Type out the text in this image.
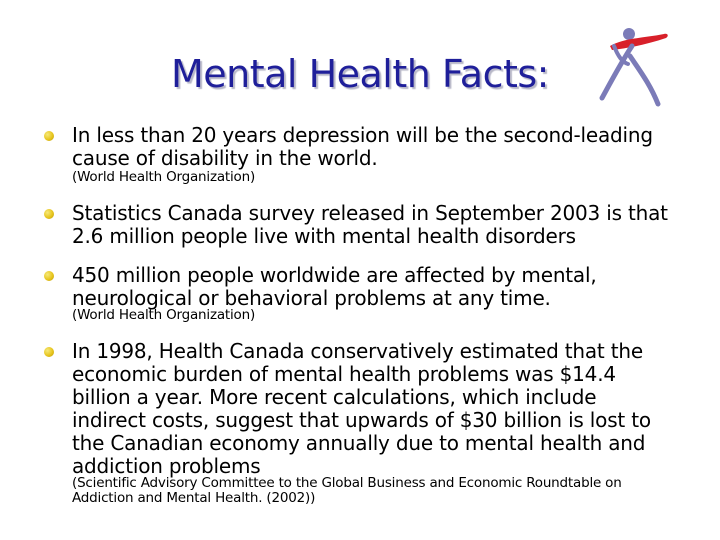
Mental Health Facts:
In less than 20 years depression will be the second-leading cause of disability in the world.
(World Health Organization)
Statistics Canada survey released in September 2003 is that 2.6 million people live with mental health disorders
450 million people worldwide are affected by mental, neurological or behavioral problems at any time.
(World Health Organization)
In 1998, Health Canada conservatively estimated that the economic burden of mental health problems was $14.4 billion a year. More recent calculations, which include indirect costs, suggest that upwards of $30 billion is lost to the Canadian economy annually due to mental health and addiction problems
(Scientific Advisory Committee to the Global Business and Economic Roundtable on Addiction and Mental Health. (2002))
